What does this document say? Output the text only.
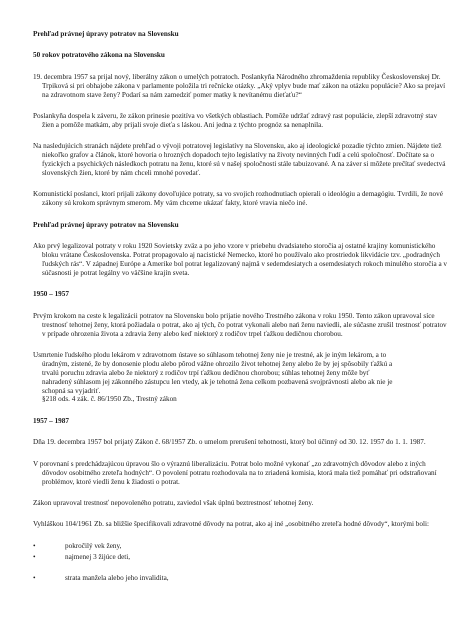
Prehľad právnej úpravy potratov na Slovensku
50 rokov potratového zákona na Slovensku
19. decembra 1957 sa prijal nový, liberálny zákon o umelých potratoch. Poslankyňa Národného zhromaždenia republiky Československej Dr. Trpiková si pri obhajobe zákona v parlamente položila tri rečnícke otázky. „Aký vplyv bude mať zákon na otázku populácie? Ako sa prejaví na zdravotnom stave ženy? Podarí sa nám zamedziť pomer matky k nevítanému dieťaťu?“
Poslankyňa dospela k záveru, že zákon prinesie pozitíva vo všetkých oblastiach. Pomôže udržať zdravý rast populácie, zlepší zdravotný stav žien a pomôže matkám, aby prijali svoje dieťa s láskou. Ani jedna z týchto prognóz sa nenaplnila.
Na nasledujúcich stranách nájdete prehľad o vývoji potratovej legislatívy na Slovensku, ako aj ideologické pozadie týchto zmien. Nájdete tiež niekoľko grafov a článok, ktoré hovoria o hrozných dopadoch tejto legislatívy na životy nevinných ľudí a celú spoločnosť. Dočítate sa o fyzických a psychických následkoch potratu na ženu, ktoré sú v našej spoločnosti stále tabuizované. A na záver si môžete prečítať svedectvá slovenských žien, ktoré by nám chceli mnohé povedať.
Komunistickí poslanci, ktorí prijali zákony dovoľujúce potraty, sa vo svojich rozhodnutiach opierali o ideológiu a demagógiu. Tvrdili, že nové zákony sú krokom správnym smerom. My vám chceme ukázať fakty, ktoré vravia niečo iné.
Prehľad právnej úpravy potratov na Slovensku
Ako prvý legalizoval potraty v roku 1920 Sovietsky zväz a po jeho vzore v priebehu dvadsiateho storočia aj ostatné krajiny komunistického bloku vrátane Československa. Potrat propagovalo aj nacistické Nemecko, ktoré ho používalo ako prostriedok likvidácie tzv. „podradných ľudských rás“. V západnej Európe a Amerike bol potrat legalizovaný najmä v sedemdesiatych a osemdesiatych rokoch minulého storočia a v súčasnosti je potrat legálny vo väčšine krajín sveta.
1950 – 1957
Prvým krokom na ceste k legalizácii potratov na Slovensku bolo prijatie nového Trestného zákona v roku 1950. Tento zákon upravoval síce trestnosť tehotnej ženy, ktorá požiadala o potrat, ako aj tých, čo potrat vykonali alebo nań ženu naviedli, ale súčasne zrušil trestnosť potratov v prípade ohrozenia života a zdravia ženy alebo keď niektorý z rodičov trpel ťažkou dedičnou chorobou.
Usmrtenie ľudského plodu lekárom v zdravotnom ústave so súhlasom tehotnej ženy nie je trestné, ak je iným lekárom, a to
úradným, zistené, že by donosenie plodu alebo pôrod vážne ohrozilo život tehotnej ženy alebo že by jej spôsobily ťažkú a
trvalú poruchu zdravia alebo že niektorý z rodičov trpí ťažkou dedičnou chorobou; súhlas tehotnej ženy môže byť
nahradený súhlasom jej zákonného zástupcu len vtedy, ak je tehotná žena celkom pozbavená svojprávnosti alebo ak nie je
schopná sa vyjadriť.
§218 ods. 4 zák. č. 86/1950 Zb., Trestný zákon
1957 – 1987
Dňa 19. decembra 1957 bol prijatý Zákon č. 68/1957 Zb. o umelom prerušení tehotnosti, ktorý bol účinný od 30. 12. 1957 do 1. 1. 1987.
V porovnaní s predchádzajúcou úpravou šlo o výraznú liberalizáciu. Potrat bolo možné vykonať „zo zdravotných dôvodov alebo z iných dôvodov osobitného zreteľa hodných“. O povolení potratu rozhodovala na to zriadená komisia, ktorá mala tiež pomáhať pri odstraňovaní problémov, ktoré viedli ženu k žiadosti o potrat.
Zákon upravoval trestnosť nepovoleného potratu, zaviedol však úplnú beztrestnosť tehotnej ženy.
Vyhláškou 104/1961 Zb. sa bližšie špecifikovali zdravotné dôvody na potrat, ako aj iné „osobitného zreteľa hodné dôvody“, ktorými boli:
•	pokročilý vek ženy,
•	najmenej 3 žijúce deti,
•	strata manžela alebo jeho invalidita,
